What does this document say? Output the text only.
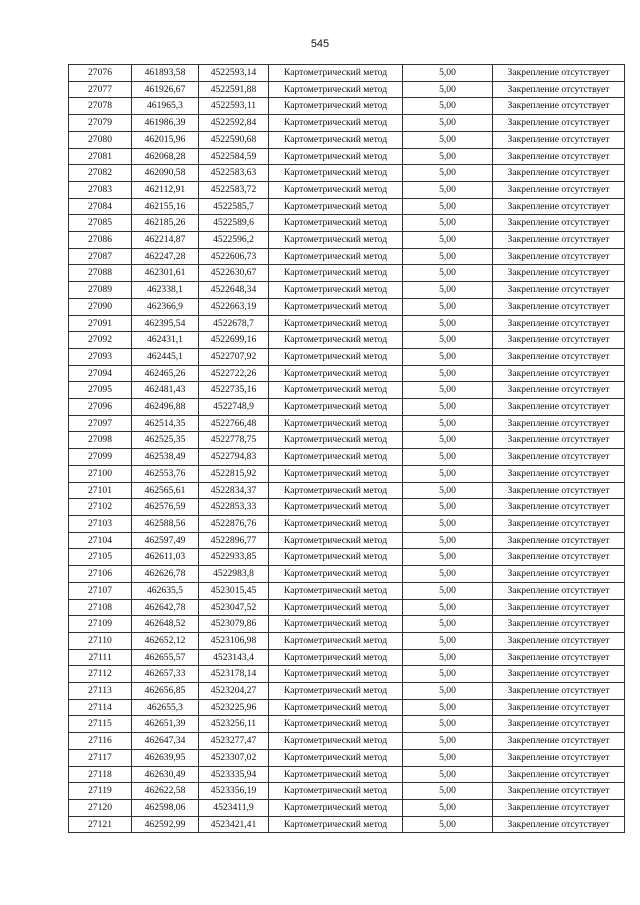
545
27076	461893,58	4522593,14	Картометрический метод	5,00	Закрепление отсутствует
27077	461926,67	4522591,88	Картометрический метод	5,00	Закрепление отсутствует
27078	461965,3	4522593,11	Картометрический метод	5,00	Закрепление отсутствует
27079	461986,39	4522592,84	Картометрический метод	5,00	Закрепление отсутствует
27080	462015,96	4522590,68	Картометрический метод	5,00	Закрепление отсутствует
27081	462068,28	4522584,59	Картометрический метод	5,00	Закрепление отсутствует
27082	462090,58	4522583,63	Картометрический метод	5,00	Закрепление отсутствует
27083	462112,91	4522583,72	Картометрический метод	5,00	Закрепление отсутствует
27084	462155,16	4522585,7	Картометрический метод	5,00	Закрепление отсутствует
27085	462185,26	4522589,6	Картометрический метод	5,00	Закрепление отсутствует
27086	462214,87	4522596,2	Картометрический метод	5,00	Закрепление отсутствует
27087	462247,28	4522606,73	Картометрический метод	5,00	Закрепление отсутствует
27088	462301,61	4522630,67	Картометрический метод	5,00	Закрепление отсутствует
27089	462338,1	4522648,34	Картометрический метод	5,00	Закрепление отсутствует
27090	462366,9	4522663,19	Картометрический метод	5,00	Закрепление отсутствует
27091	462395,54	4522678,7	Картометрический метод	5,00	Закрепление отсутствует
27092	462431,1	4522699,16	Картометрический метод	5,00	Закрепление отсутствует
27093	462445,1	4522707,92	Картометрический метод	5,00	Закрепление отсутствует
27094	462465,26	4522722,26	Картометрический метод	5,00	Закрепление отсутствует
27095	462481,43	4522735,16	Картометрический метод	5,00	Закрепление отсутствует
27096	462496,88	4522748,9	Картометрический метод	5,00	Закрепление отсутствует
27097	462514,35	4522766,48	Картометрический метод	5,00	Закрепление отсутствует
27098	462525,35	4522778,75	Картометрический метод	5,00	Закрепление отсутствует
27099	462538,49	4522794,83	Картометрический метод	5,00	Закрепление отсутствует
27100	462553,76	4522815,92	Картометрический метод	5,00	Закрепление отсутствует
27101	462565,61	4522834,37	Картометрический метод	5,00	Закрепление отсутствует
27102	462576,59	4522853,33	Картометрический метод	5,00	Закрепление отсутствует
27103	462588,56	4522876,76	Картометрический метод	5,00	Закрепление отсутствует
27104	462597,49	4522896,77	Картометрический метод	5,00	Закрепление отсутствует
27105	462611,03	4522933,85	Картометрический метод	5,00	Закрепление отсутствует
27106	462626,78	4522983,8	Картометрический метод	5,00	Закрепление отсутствует
27107	462635,5	4523015,45	Картометрический метод	5,00	Закрепление отсутствует
27108	462642,78	4523047,52	Картометрический метод	5,00	Закрепление отсутствует
27109	462648,52	4523079,86	Картометрический метод	5,00	Закрепление отсутствует
27110	462652,12	4523106,98	Картометрический метод	5,00	Закрепление отсутствует
27111	462655,57	4523143,4	Картометрический метод	5,00	Закрепление отсутствует
27112	462657,33	4523178,14	Картометрический метод	5,00	Закрепление отсутствует
27113	462656,85	4523204,27	Картометрический метод	5,00	Закрепление отсутствует
27114	462655,3	4523225,96	Картометрический метод	5,00	Закрепление отсутствует
27115	462651,39	4523256,11	Картометрический метод	5,00	Закрепление отсутствует
27116	462647,34	4523277,47	Картометрический метод	5,00	Закрепление отсутствует
27117	462639,95	4523307,02	Картометрический метод	5,00	Закрепление отсутствует
27118	462630,49	4523335,94	Картометрический метод	5,00	Закрепление отсутствует
27119	462622,58	4523356,19	Картометрический метод	5,00	Закрепление отсутствует
27120	462598,06	4523411,9	Картометрический метод	5,00	Закрепление отсутствует
27121	462592,99	4523421,41	Картометрический метод	5,00	Закрепление отсутствует
